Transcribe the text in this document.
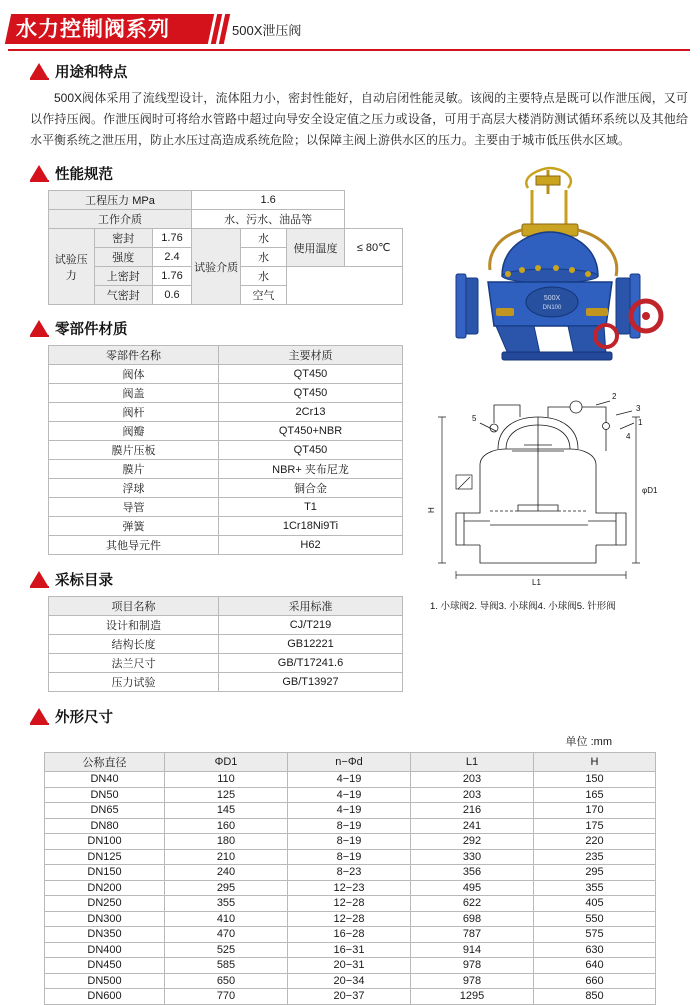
水力控制阀系列	500X泄压阀
用途和特点

500X阀体采用了流线型设计，流体阻力小，密封性能好，自动启闭性能灵敏。该阀的主要特点是既可以作泄压阀，又可以作持压阀。作泄压阀时可将给水管路中超过向导安全设定值之压力或设备，可用于高层大楼消防测试循环系统以及其他给水平衡系统之泄压用，防止水压过高造成系统危险；以保障主阀上游供水区的压力。主要由于城市低压供水区域。

性能规范
工程压力 MPa			1.6			
工作介质			水、污水、油品等			
试验压力	密封	1.76	试验介质	水	使用温度	≤ 80℃
	强度	2.4		水		
	上密封	1.76		水		
	气密封	0.6		空气		
零部件材质
零部件名称	主要材质
阀体	QT450
阀盖	QT450
阀杆	2Cr13
阀瓣	QT450+NBR
膜片压板	QT450
膜片	NBR+ 夹布尼龙
浮球	铜合金
导管	T1
弹簧	1Cr18Ni9Ti
其他导元件	H62
采标目录
项目名称	采用标准
设计和制造	CJ/T219
结构长度	GB12221
法兰尺寸	GB/T17241.6
压力试验	GB/T13927
外形尺寸
单位 :mm
公称直径	ΦD1	n−Φd	L1	H
DN40	110	4−19	203	150
DN50	125	4−19	203	165
DN65	145	4−19	216	170
DN80	160	8−19	241	175
DN100	180	8−19	292	220
DN125	210	8−19	330	235
DN150	240	8−23	356	295
DN200	295	12−23	495	355
DN250	355	12−28	622	405
DN300	410	12−28	698	550
DN350	470	16−28	787	575
DN400	525	16−31	914	630
DN450	585	20−31	978	640
DN500	650	20−34	978	660
DN600	770	20−37	1295	850
500X
DN100
5
2
3
1
4
φD1
H
L1
1. 小球阀2. 导阀3. 小球阀4. 小球阀5. 针形阀
